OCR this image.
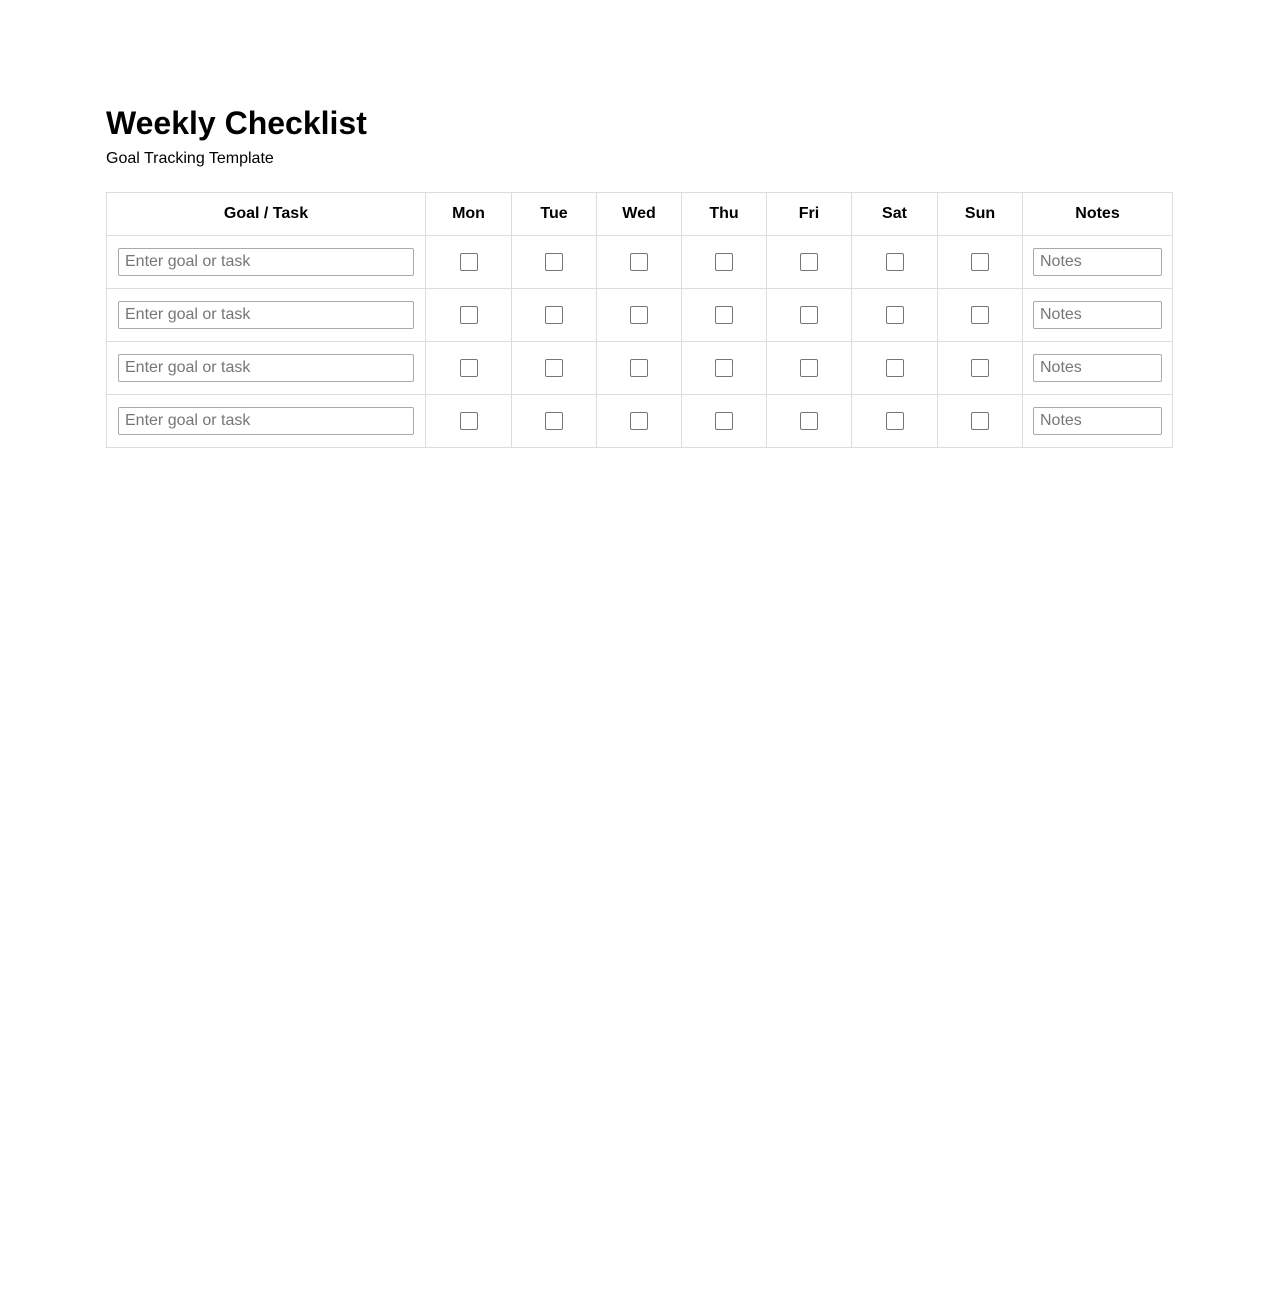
Weekly Checklist
Goal Tracking Template
Goal / Task	Mon	Tue	Wed	Thu	Fri	Sat	Sun	Notes
Enter goal or task								Notes
Enter goal or task								Notes
Enter goal or task								Notes
Enter goal or task								Notes
